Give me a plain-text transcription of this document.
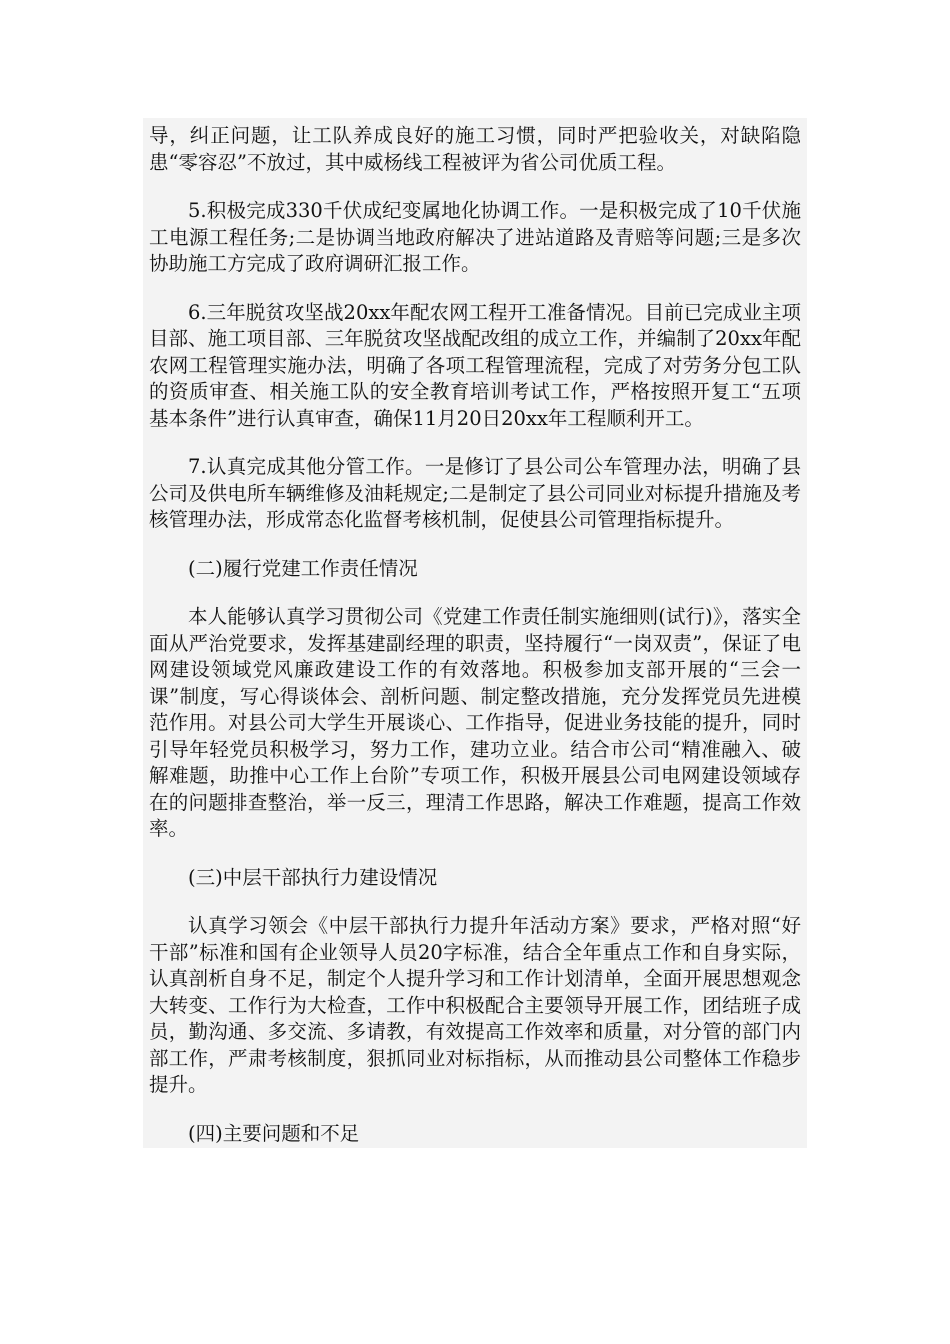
导，纠正问题，让工队养成良好的施工习惯，同时严把验收关，对缺陷隐患“零容忍”不放过，其中威杨线工程被评为省公司优质工程。

5.积极完成330千伏成纪变属地化协调工作。一是积极完成了10千伏施工电源工程任务;二是协调当地政府解决了进站道路及青赔等问题;三是多次协助施工方完成了政府调研汇报工作。

6.三年脱贫攻坚战20xx年配农网工程开工准备情况。目前已完成业主项目部、施工项目部、三年脱贫攻坚战配改组的成立工作，并编制了20xx年配农网工程管理实施办法，明确了各项工程管理流程，完成了对劳务分包工队的资质审查、相关施工队的安全教育培训考试工作，严格按照开复工“五项基本条件”进行认真审查，确保11月20日20xx年工程顺利开工。

7.认真完成其他分管工作。一是修订了县公司公车管理办法，明确了县公司及供电所车辆维修及油耗规定;二是制定了县公司同业对标提升措施及考核管理办法，形成常态化监督考核机制，促使县公司管理指标提升。

(二)履行党建工作责任情况

本人能够认真学习贯彻公司《党建工作责任制实施细则(试行)》，落实全面从严治党要求，发挥基建副经理的职责，坚持履行“一岗双责”，保证了电网建设领域党风廉政建设工作的有效落地。积极参加支部开展的“三会一课”制度，写心得谈体会、剖析问题、制定整改措施，充分发挥党员先进模范作用。对县公司大学生开展谈心、工作指导，促进业务技能的提升，同时引导年轻党员积极学习，努力工作，建功立业。结合市公司“精准融入、破解难题，助推中心工作上台阶”专项工作，积极开展县公司电网建设领域存在的问题排查整治，举一反三，理清工作思路，解决工作难题，提高工作效率。

(三)中层干部执行力建设情况

认真学习领会《中层干部执行力提升年活动方案》要求，严格对照“好干部”标准和国有企业领导人员20字标准，结合全年重点工作和自身实际，认真剖析自身不足，制定个人提升学习和工作计划清单，全面开展思想观念大转变、工作行为大检查，工作中积极配合主要领导开展工作，团结班子成员，勤沟通、多交流、多请教，有效提高工作效率和质量，对分管的部门内部工作，严肃考核制度，狠抓同业对标指标，从而推动县公司整体工作稳步提升。

(四)主要问题和不足
